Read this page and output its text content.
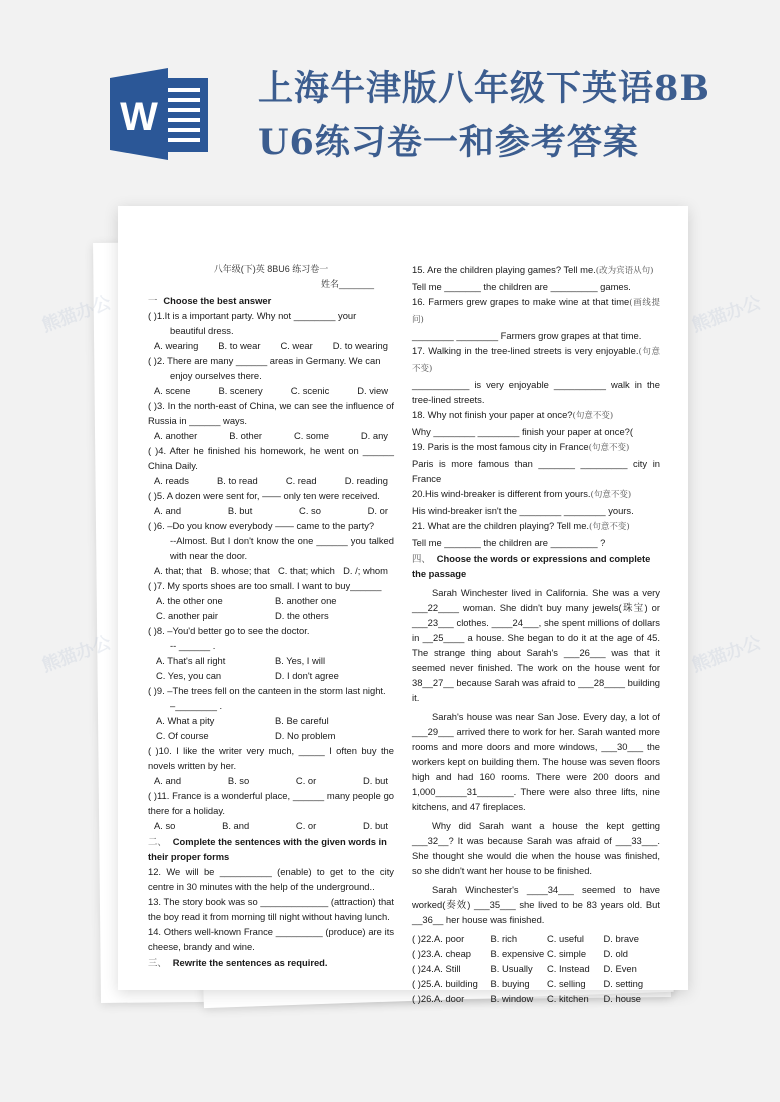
W
上海牛津版八年级下英语8B
U6练习卷一和参考答案
八年级(下)英 8BU6 练习卷一
姓名_______
一 Choose the best answer
( )1.It is a important party. Why not ________ your
beautiful dress.
A. wearing B. to wear C. wear D. to wearing
( )2. There are many ______ areas in Germany. We can
enjoy ourselves there.
A. scene	B. scenery	C. scenic	D. view
( )3. In the north-east of China, we can see the influence of Russia in ______ ways.
A. another	B. other	C. some	D. any
( )4. After he finished his homework, he went on ______ China Daily.
A. reads	B. to read	C. read	D. reading
( )5. A dozen were sent for, —— only ten were received.
A. and	B. but	C. so	D. or
( )6. –Do you know everybody —— came to the party?
--Almost. But I don't know the one ______ you talked with near the door.
A. that; that B. whose; that C. that; which D. /; whom
( )7. My sports shoes are too small. I want to buy______
A. the other one	B. another one
C. another pair	D. the others
( )8. –You'd better go to see the doctor.
-- ______ .
A. That's all right	B. Yes, I will
C. Yes, you can	D. I don't agree
( )9. –The trees fell on the canteen in the storm last night.
–________ .
A. What a pity	B. Be careful
C. Of course	D. No problem
( )10. I like the writer very much, _____ I often buy the novels written by her.
A. and	B. so	C. or	D. but
( )11. France is a wonderful place, ______ many people go there for a holiday.
A. so	B. and	C. or	D. but
二、 Complete the sentences with the given words in their proper forms
12. We will be __________ (enable) to get to the city centre in 30 minutes with the help of the underground..
13. The story book was so _____________ (attraction) that the boy read it from morning till night without having lunch.
14. Others well-known France _________ (produce) are its cheese, brandy and wine.
三、 Rewrite the sentences as required.
15. Are the children playing games? Tell me.(改为宾语从句)
Tell me _______ the children are _________ games.
16. Farmers grew grapes to make wine at that time(画线提问)
________ ________ Farmers grow grapes at that time.
17. Walking in the tree-lined streets is very enjoyable.(句意不变)
___________ is very enjoyable __________ walk in the tree-lined streets.
18. Why not finish your paper at once?(句意不变)
Why ________ ________ finish your paper at once?(
19. Paris is the most famous city in France(句意不变)
Paris is more famous than _______ _________ city in France
20.His wind-breaker is different from yours.(句意不变)
His wind-breaker isn't the ________ ________ yours.
21. What are the children playing? Tell me.(句意不变)
Tell me _______ the children are _________ ?
四、 Choose the words or expressions and complete the passage
Sarah Winchester lived in California. She was a very ___22____ woman. She didn't buy many jewels(珠宝) or ___23___ clothes. ____24___, she spent millions of dollars in __25____ a house. She began to do it at the age of 45. The strange thing about Sarah's ___26___ was that it seemed never finished. The work on the house went for 38__27__ because Sarah was afraid to ___28____ building it.
Sarah's house was near San Jose. Every day, a lot of ___29___ arrived there to work for her. Sarah wanted more rooms and more doors and more windows, ___30___ the workers kept on building them. The house was seven floors high and had 160 rooms. There were 200 doors and 1,000______31_______. There were also three lifts, nine kitchens, and 47 fireplaces.
Why did Sarah want a house the kept getting ___32__? It was because Sarah was afraid of ___33___. She thought she would die when the house was finished, so she didn't want her house to be finished.
Sarah Winchester's ____34___ seemed to have worked(奏效) ___35___ she lived to be 83 years old. But __36__ her house was finished.
( )22. A. poor	B. rich	C. useful	D. brave
( )23. A. cheap	B. expensive C. simple	D. old
( )24. A. Still	B. Usually	C. Instead	D. Even
( )25. A. building	B. buying	C. selling	D. setting
( )26. A. door	B. window	C. kitchen	D. house
熊猫办公	熊猫办公
熊猫办公	熊猫办公
